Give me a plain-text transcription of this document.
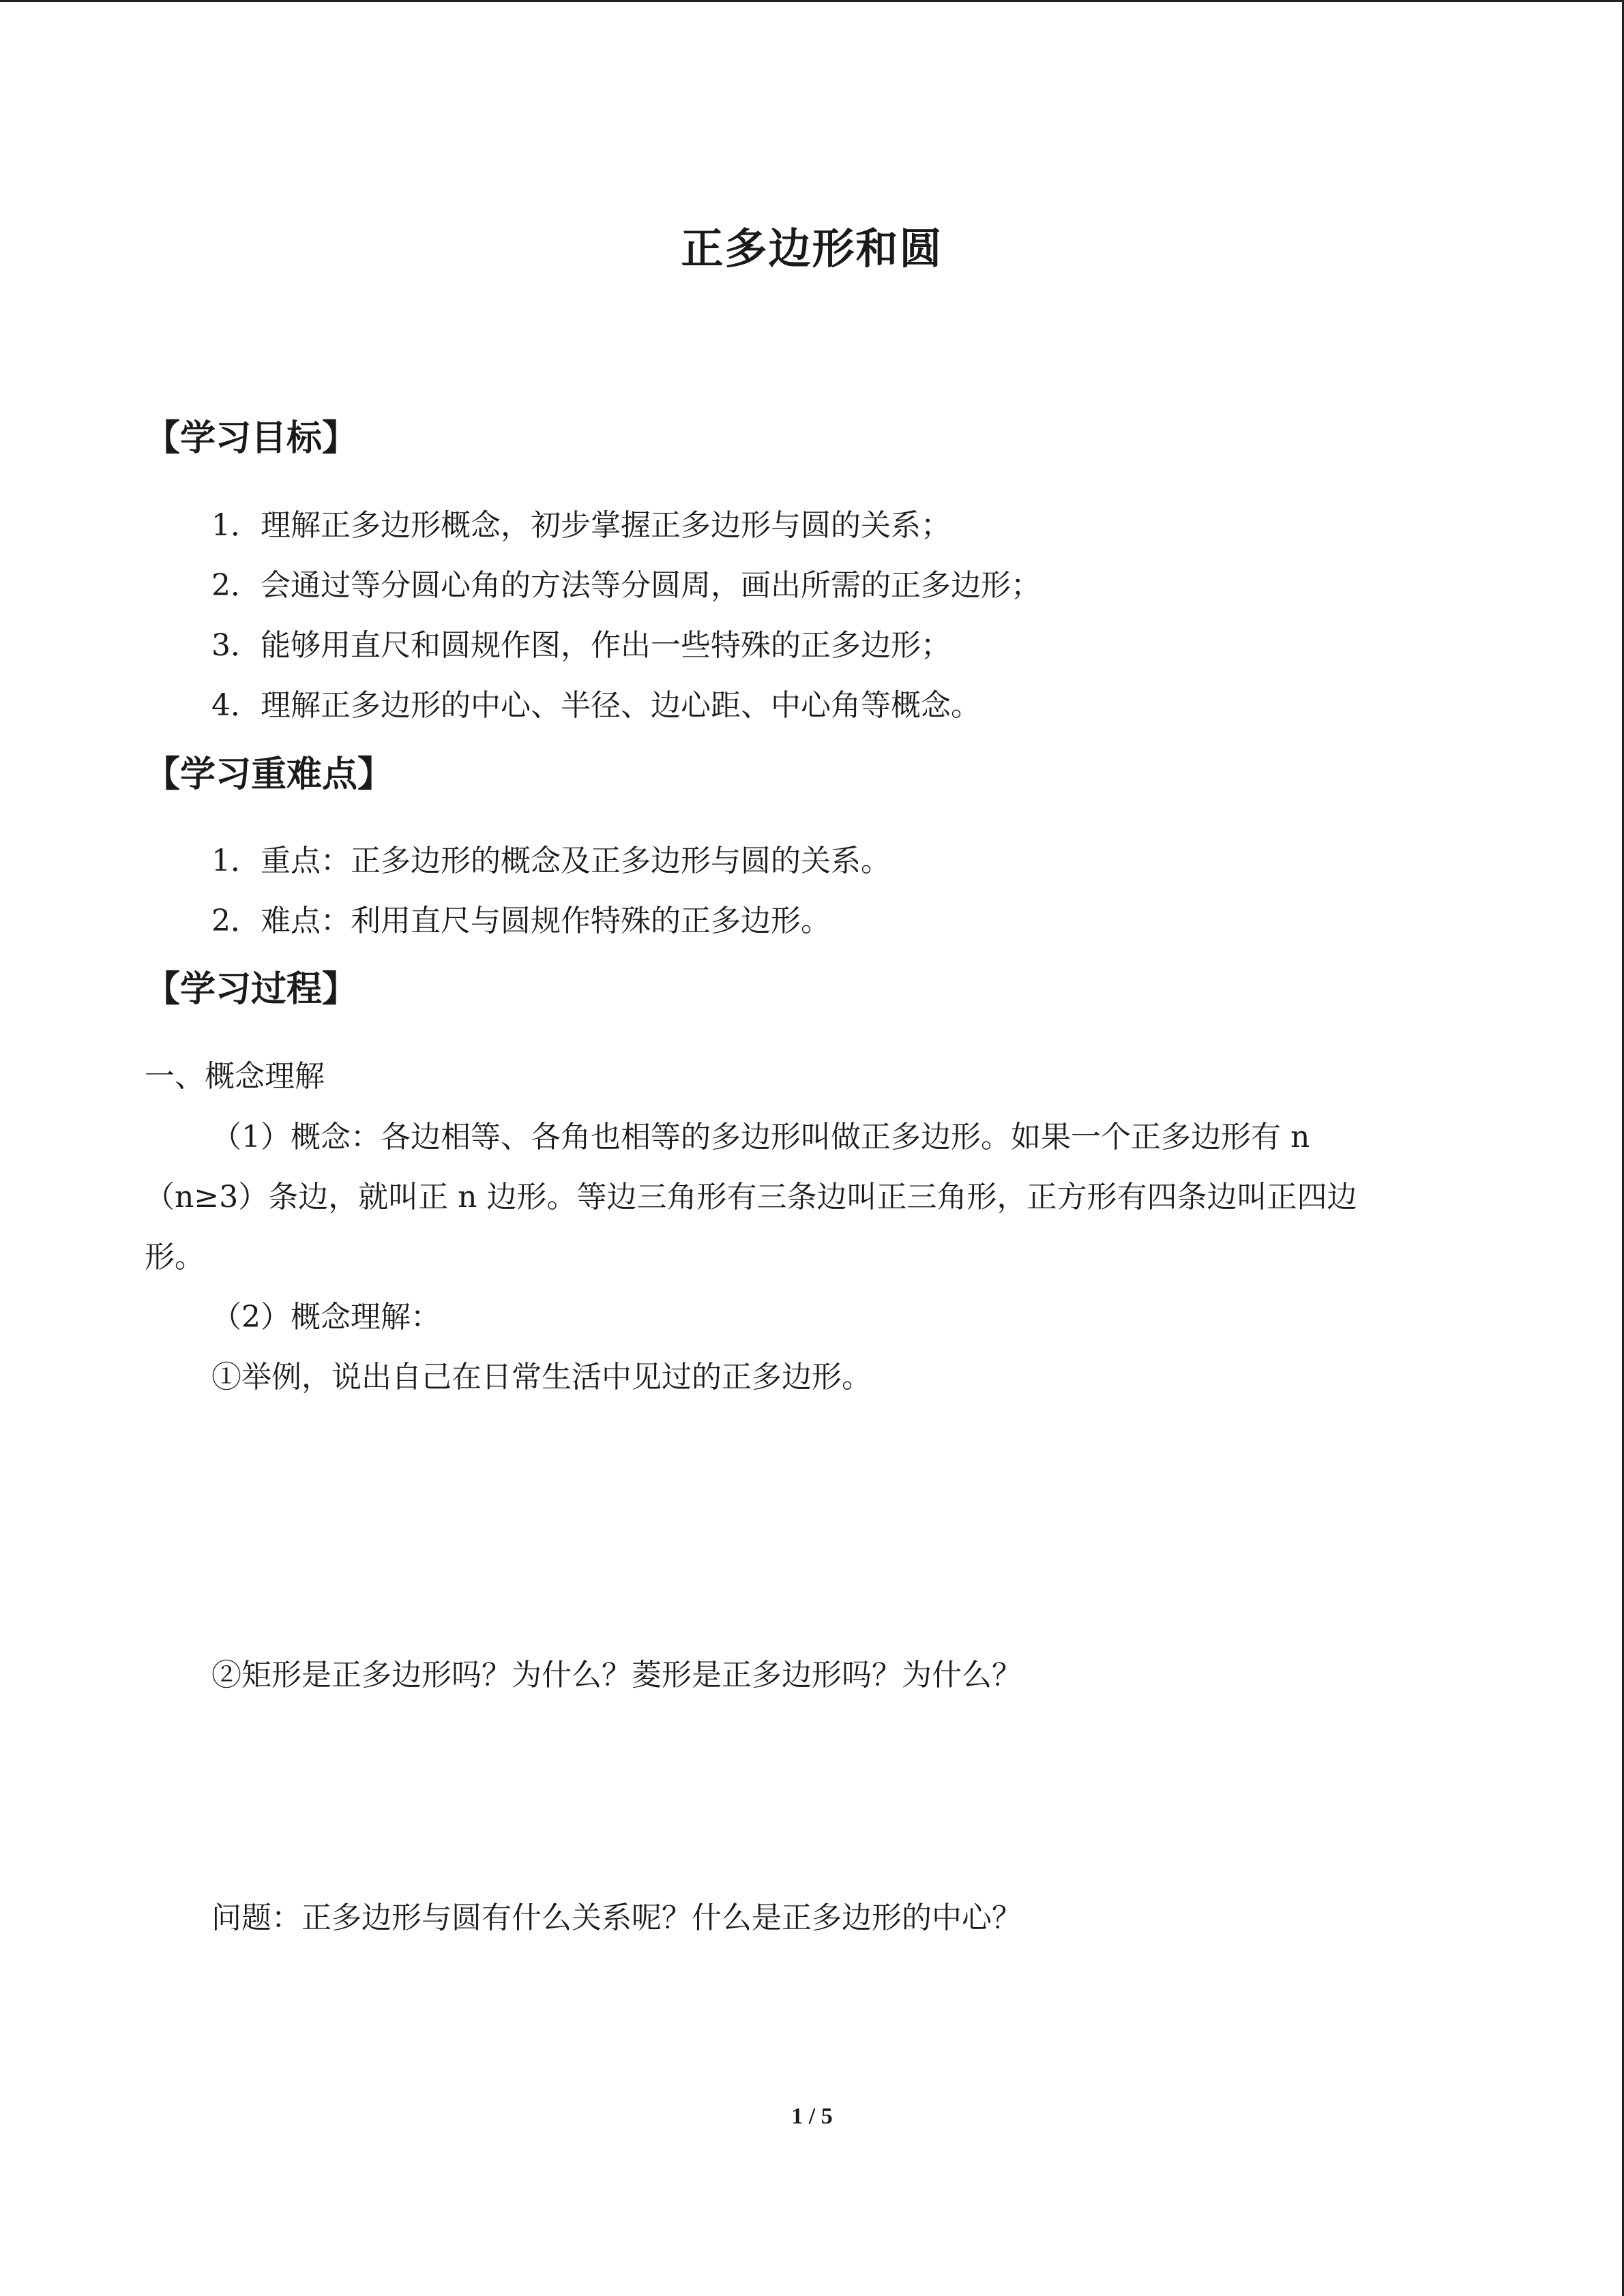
正多边形和圆
【学习目标】
1．理解正多边形概念，初步掌握正多边形与圆的关系；
2．会通过等分圆心角的方法等分圆周，画出所需的正多边形；
3．能够用直尺和圆规作图，作出一些特殊的正多边形；
4．理解正多边形的中心、半径、边心距、中心角等概念。
【学习重难点】
1．重点：正多边形的概念及正多边形与圆的关系。
2．难点：利用直尺与圆规作特殊的正多边形。
【学习过程】
一、概念理解
（1）概念：各边相等、各角也相等的多边形叫做正多边形。如果一个正多边形有 n
（n≥3）条边，就叫正 n 边形。等边三角形有三条边叫正三角形，正方形有四条边叫正四边
形。
（2）概念理解：
①举例，说出自己在日常生活中见过的正多边形。
②矩形是正多边形吗？为什么？菱形是正多边形吗？为什么？
问题：正多边形与圆有什么关系呢？什么是正多边形的中心？
1 / 5
